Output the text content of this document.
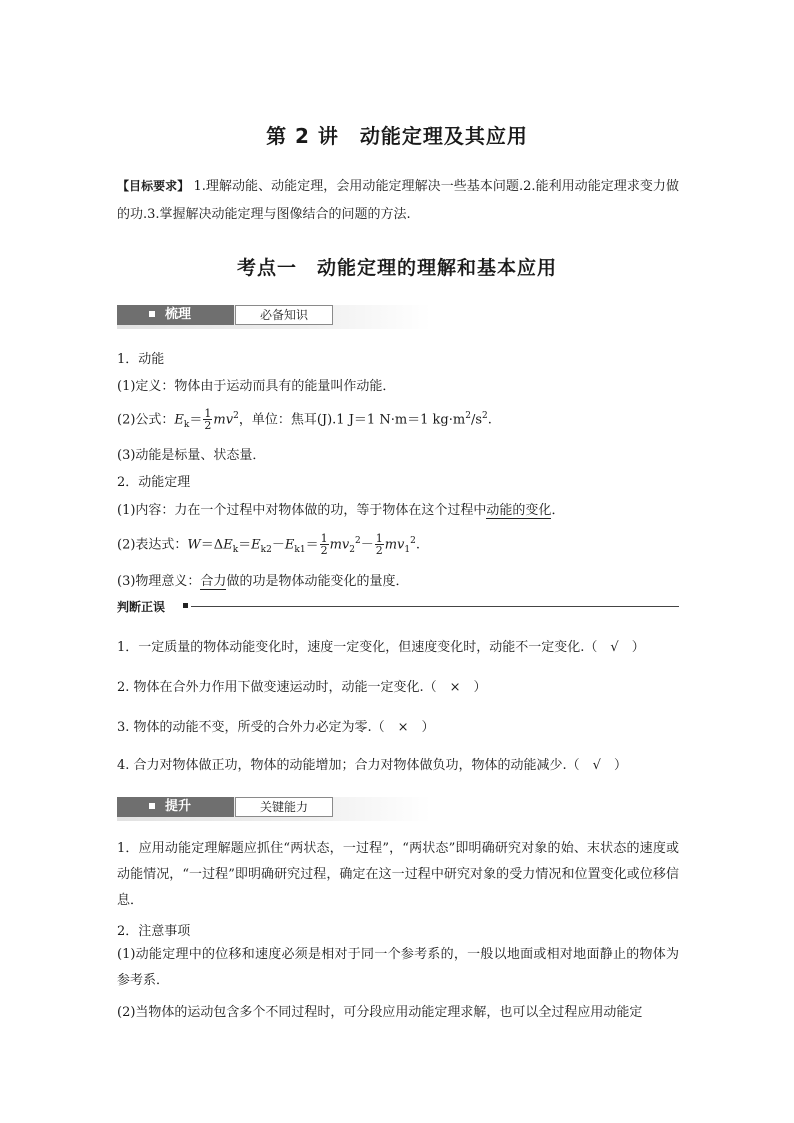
第 2 讲　动能定理及其应用
【目标要求】 1.理解动能、动能定理，会用动能定理解决一些基本问题.2.能利用动能定理求变力做的功.3.掌握解决动能定理与图像结合的问题的方法.
考点一　动能定理的理解和基本应用
梳理	必备知识
1．动能
(1)定义：物体由于运动而具有的能量叫作动能．
(2)公式：$E_k= \frac{1}{2} mv^2$，单位：焦耳(J).1 J＝1 N·m＝1 $kg\cdot m^2/s^2$.
(3)动能是标量、状态量．
2．动能定理
(1)内容：力在一个过程中对物体做的功，等于物体在这个过程中动能的变化．
(2)表达式：$W=\Delta E_k=E_{k2}-E_{k1}= \frac{1}{2} mv_2^2- \frac{1}{2} mv_1^2$.
(3)物理意义：合力做的功是物体动能变化的量度．
判断正误
1．一定质量的物体动能变化时，速度一定变化，但速度变化时，动能不一定变化.（　√　）
2. 物体在合外力作用下做变速运动时，动能一定变化.（　×　）
3. 物体的动能不变，所受的合外力必定为零.（　×　）
4. 合力对物体做正功，物体的动能增加；合力对物体做负功，物体的动能减少.（　√　）
提升	关键能力
1．应用动能定理解题应抓住“两状态，一过程”，“两状态”即明确研究对象的始、末状态的速度或动能情况，“一过程”即明确研究过程，确定在这一过程中研究对象的受力情况和位置变化或位移信息．
2．注意事项
(1)动能定理中的位移和速度必须是相对于同一个参考系的，一般以地面或相对地面静止的物体为参考系．
(2)当物体的运动包含多个不同过程时，可分段应用动能定理求解，也可以全过程应用动能定
